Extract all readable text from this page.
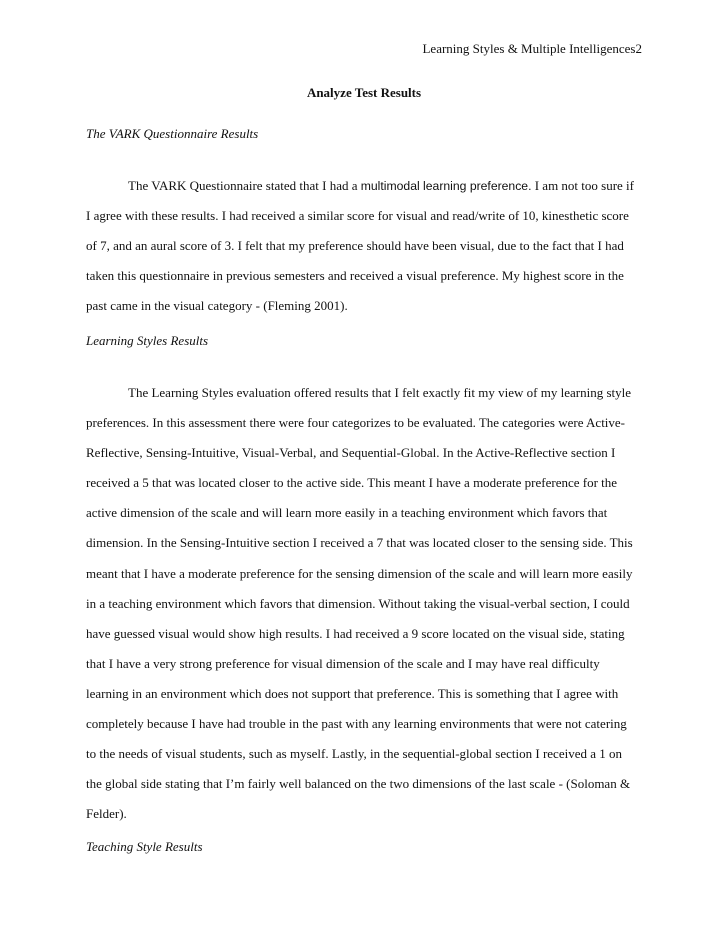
Learning Styles & Multiple Intelligences2
Analyze Test Results
The VARK Questionnaire Results
The VARK Questionnaire stated that I had a multimodal learning preference. I am not too sure if
I agree with these results. I had received a similar score for visual and read/write of 10, kinesthetic score
of 7, and an aural score of 3. I felt that my preference should have been visual, due to the fact that I had
taken this questionnaire in previous semesters and received a visual preference. My highest score in the
past came in the visual category - (Fleming 2001).
Learning Styles Results
The Learning Styles evaluation offered results that I felt exactly fit my view of my learning style
preferences. In this assessment there were four categorizes to be evaluated. The categories were Active-
Reflective, Sensing-Intuitive, Visual-Verbal, and Sequential-Global. In the Active-Reflective section I
received a 5 that was located closer to the active side. This meant I have a moderate preference for the
active dimension of the scale and will learn more easily in a teaching environment which favors that
dimension. In the Sensing-Intuitive section I received a 7 that was located closer to the sensing side. This
meant that I have a moderate preference for the sensing dimension of the scale and will learn more easily
in a teaching environment which favors that dimension. Without taking the visual-verbal section, I could
have guessed visual would show high results. I had received a 9 score located on the visual side, stating
that I have a very strong preference for visual dimension of the scale and I may have real difficulty
learning in an environment which does not support that preference. This is something that I agree with
completely because I have had trouble in the past with any learning environments that were not catering
to the needs of visual students, such as myself. Lastly, in the sequential-global section I received a 1 on
the global side stating that I’m fairly well balanced on the two dimensions of the last scale - (Soloman &
Felder).
Teaching Style Results
